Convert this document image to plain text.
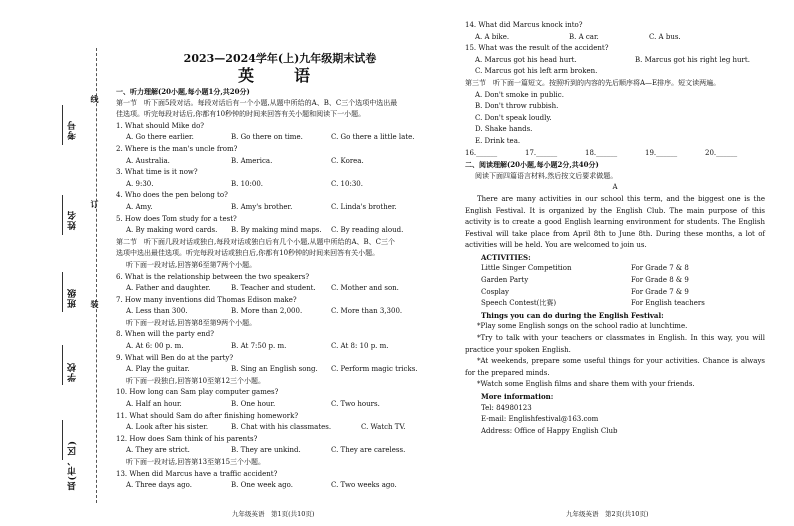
考号
姓名
班级
学校
县(市、区)
线
订
装
2023—2024学年(上)九年级期末试卷
英　语
一、听力理解(20小题,每小题1分,共20分)
第一节　听下面5段对话。每段对话后有一个小题,从题中所给的A、B、C三个选项中选出最
佳选项。听完每段对话后,你都有10秒钟的时间来回答有关小题和阅读下一小题。
1. What should Mike do?
A. Go there earlier.	B. Go there on time.	C. Go there a little late.
2. Where is the man's uncle from?
A. Australia.	B. America.	C. Korea.
3. What time is it now?
A. 9:30.	B. 10:00.	C. 10:30.
4. Who does the pen belong to?
A. Amy.	B. Amy's brother.	C. Linda's brother.
5. How does Tom study for a test?
A. By making word cards.	B. By making mind maps.	C. By reading aloud.
第二节　听下面几段对话或独白,每段对话或独白后有几个小题,从题中所给的A、B、C三个
选项中选出最佳选项。听完每段对话或独白后,你都有10秒钟的时间来回答有关小题。
听下面一段对话,回答第6至第7两个小题。
6. What is the relationship between the two speakers?
A. Father and daughter.	B. Teacher and student.	C. Mother and son.
7. How many inventions did Thomas Edison make?
A. Less than 300.	B. More than 2,000.	C. More than 3,300.
听下面一段对话,回答第8至第9两个小题。
8. When will the party end?
A. At 6: 00 p. m.	B. At 7:50 p. m.	C. At 8: 10 p. m.
9. What will Ben do at the party?
A. Play the guitar.	B. Sing an English song.	C. Perform magic tricks.
听下面一段独白,回答第10至第12三个小题。
10. How long can Sam play computer games?
A. Half an hour.	B. One hour.	C. Two hours.
11. What should Sam do after finishing homework?
A. Look after his sister.	B. Chat with his classmates.	C. Watch TV.
12. How does Sam think of his parents?
A. They are strict.	B. They are unkind.	C. They are careless.
听下面一段对话,回答第13至第15三个小题。
13. When did Marcus have a traffic accident?
A. Three days ago.	B. One week ago.	C. Two weeks ago.
九年级英语　第1页(共10页)
14. What did Marcus knock into?
A. A bike.	B. A car.	C. A bus.
15. What was the result of the accident?
A. Marcus got his head hurt.	B. Marcus got his right leg hurt.
C. Marcus got his left arm broken.
第三节　听下面一篇短文。按照听到的内容的先后顺序将A—E排序。短文读两遍。
A. Don't smoke in public.
B. Don't throw rubbish.
C. Don't speak loudly.
D. Shake hands.
E. Drink tea.
16.______	17.______	18.______	19.______	20.______
二、阅读理解(20小题,每小题2分,共40分)
阅读下面四篇语言材料,然后按文后要求做题。
A
There are many activities in our school this term, and the biggest one is the English Festival. It is organized by the English Club. The main purpose of this activity is to create a good English learning environment for students. The English Festival will take place from April 8th to June 8th. During these months, a lot of activities will be held. You are welcomed to join us.
ACTIVITIES:
Little Singer Competition	For Grade 7 & 8
Garden Party	For Grade 8 & 9
Cosplay	For Grade 7 & 9
Speech Contest(比赛)	For English teachers
Things you can do during the English Festival:
*Play some English songs on the school radio at lunchtime.
*Try to talk with your teachers or classmates in English. In this way, you will practice your spoken English.
*At weekends, prepare some useful things for your activities. Chance is always for the prepared minds.
*Watch some English films and share them with your friends.
More information:
Tel: 84980123
E-mail: Englishfestival@163.com
Address: Office of Happy English Club
九年级英语　第2页(共10页)
